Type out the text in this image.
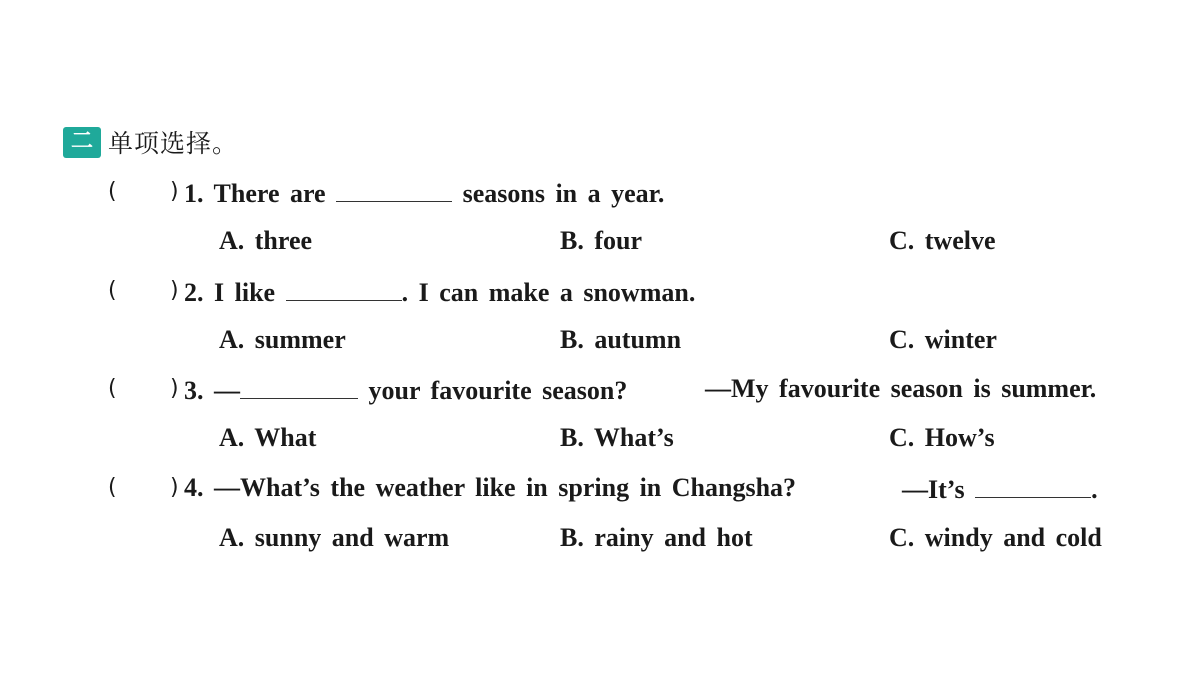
二 单项选择。
( ) 1. There are	seasons in a year.
A. three	B. four	C. twelve
( ) 2. I like	. I can make a snowman.
A. summer	B. autumn	C. winter
( ) 3. —	your favourite season?	—My favourite season is summer.
A. What	B. What’s	C. How’s
( ) 4. —What’s the weather like in spring in Changsha?	—It’s	.
A. sunny and warm	B. rainy and hot	C. windy and cold
